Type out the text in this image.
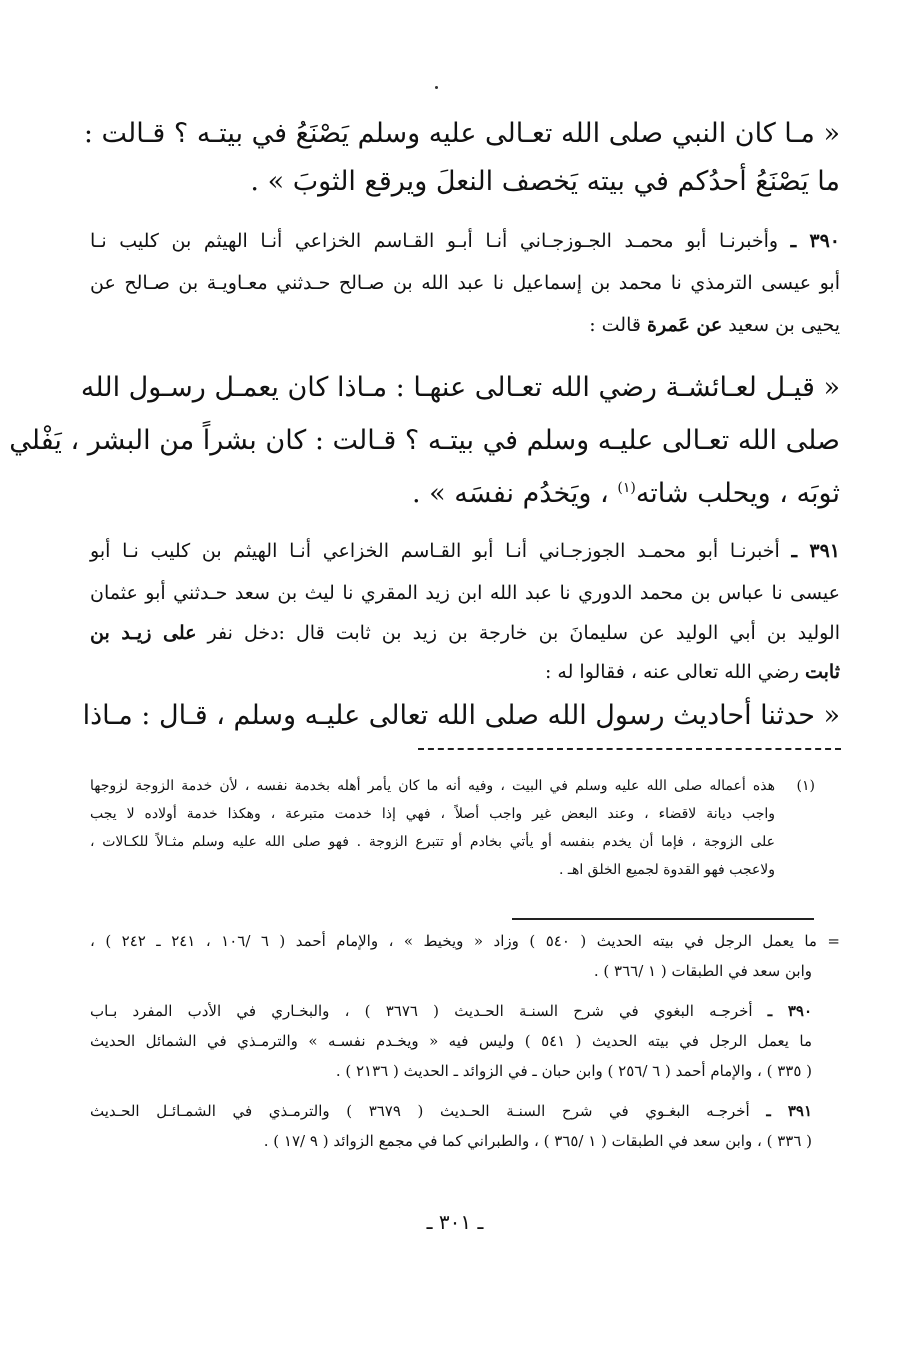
« مـا كان النبي صلى الله تعـالى عليه وسلم يَصْنَعُ في بيتـه ؟ قـالت :
ما يَصْنَعُ أحدُكم في بيته يَخصف النعلَ ويرقع الثوبَ » .
٣٩٠ ـ وأخبرنـا أبو محمـد الجـوزجـاني أنـا أبـو القـاسم الخزاعي أنـا الهيثم بن كليب نـا
أبو عيسى الترمذي نا محمد بن إسماعيل نا عبد الله بن صـالح حـدثني معـاويـة بن صـالح عن
يحيى بن سعيد عن عَمرة قالت :
« قيـل لعـائشـة رضي الله تعـالى عنهـا : مـاذا كان يعمـل رسـول الله
صلى الله تعـالى عليـه وسلم في بيتـه ؟ قـالت : كان بشراً من البشر ، يَفْلي
ثوبَه ، ويحلب شاته$^{(١)}$ ، ويَخدُم نفسَه » .
٣٩١ ـ أخبرنـا أبو محمـد الجوزجـاني أنـا أبو القـاسم الخزاعي أنـا الهيثم بن كليب نـا أبو
عيسى نا عباس بن محمد الدوري نا عبد الله ابن زيد المقري نا ليث بن سعد حـدثني أبو عثمان
الوليد بن أبي الوليد عن سليمانَ بن خارجة بن زيد بن ثابت قال :دخل نفر على زيـد بن
ثابت رضي الله تعالى عنه ، فقالوا له :
« حدثنا أحاديث رسول الله صلى الله تعالى عليـه وسلم ، قـال : مـاذا
(١)
هذه أعماله صلى الله عليه وسلم في البيت ، وفيه أنه ما كان يأمر أهله بخدمة نفسه ، لأن خدمة الزوجة لزوجها
واجب ديانة لاقضاء ، وعند البعض غير واجب أصلاً ، فهي إذا خدمت متبرعة ، وهكذا خدمة أولاده لا يجب
على الزوجة ، فإما أن يخدم بنفسه أو يأتي بخادم أو تتبرع الزوجة . فهو صلى الله عليه وسلم مثـالاً للكـالات ،
ولاعجب فهو القدوة لجميع الخلق اهـ .
= ما يعمل الرجل في بيته الحديث ( ٥٤٠ ) وزاد « ويخيط » ، والإمام أحمد ( ٦ /١٠٦ ، ٢٤١ ـ ٢٤٢ ) ،
وابن سعد في الطبقات ( ١ /٣٦٦ ) .
٣٩٠ ـ أخرجـه البغوي في شرح السنـة الحـديث ( ٣٦٧٦ ) ، والبخـاري في الأدب المفرد بـاب
ما يعمل الرجل في بيته الحديث ( ٥٤١ ) وليس فيه « ويخـدم نفسـه » والترمـذي في الشمائل الحديث
( ٣٣٥ ) ، والإمام أحمد ( ٦ /٢٥٦ ) وابن حبان ـ في الزوائد ـ الحديث ( ٢١٣٦ ) .
٣٩١ ـ أخرجـه البغـوي في شرح السنـة الحـديث ( ٣٦٧٩ ) والترمـذي في الشمـائـل الحـديث
( ٣٣٦ ) ، وابن سعد في الطبقات ( ١ /٣٦٥ ) ، والطبراني كما في مجمع الزوائد ( ٩ /١٧ ) .
ـ ٣٠١ ـ
